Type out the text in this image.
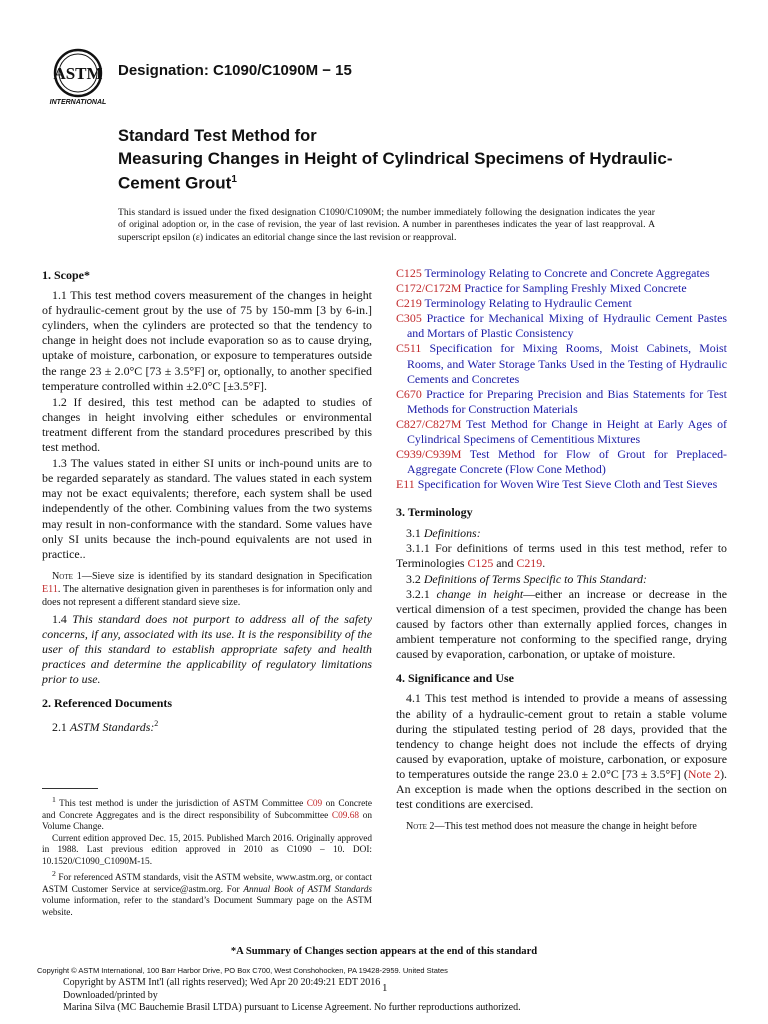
ASTM
INTERNATIONAL
Designation: C1090/C1090M − 15
Standard Test Method for
Measuring Changes in Height of Cylindrical Specimens of Hydraulic-Cement Grout$^1$
This standard is issued under the fixed designation C1090/C1090M; the number immediately following the designation indicates the year of original adoption or, in the case of revision, the year of last revision. A number in parentheses indicates the year of last reapproval. A superscript epsilon (ε) indicates an editorial change since the last revision or reapproval.
1. Scope*

1.1 This test method covers measurement of the changes in height of hydraulic-cement grout by the use of 75 by 150-mm [3 by 6-in.] cylinders, when the cylinders are protected so that the tendency to change in height does not include evaporation so as to cause drying, uptake of moisture, carbonation, or exposure to temperatures outside the range 23 ± 2.0°C [73 ± 3.5°F] or, optionally, to another specified temperature controlled within ±2.0°C [±3.5°F].

1.2 If desired, this test method can be adapted to studies of changes in height involving either schedules or environmental treatment different from the standard procedures prescribed by this test method.

1.3 The values stated in either SI units or inch-pound units are to be regarded separately as standard. The values stated in each system may not be exact equivalents; therefore, each system shall be used independently of the other. Combining values from the two systems may result in non-conformance with the standard. Some values have only SI units because the inch-pound equivalents are not used in practice..

Note 1—Sieve size is identified by its standard designation in Specification E11. The alternative designation given in parentheses is for information only and does not represent a different standard sieve size.

1.4 This standard does not purport to address all of the safety concerns, if any, associated with its use. It is the responsibility of the user of this standard to establish appropriate safety and health practices and determine the applicability of regulatory limitations prior to use.

2. Referenced Documents

2.1 ASTM Standards:$^2$

$^1$ This test method is under the jurisdiction of ASTM Committee C09 on Concrete and Concrete Aggregates and is the direct responsibility of Subcommittee C09.68 on Volume Change.

Current edition approved Dec. 15, 2015. Published March 2016. Originally approved in 1988. Last previous edition approved in 2010 as C1090 – 10. DOI: 10.1520/C1090_C1090M-15.

$^2$ For referenced ASTM standards, visit the ASTM website, www.astm.org, or contact ASTM Customer Service at service@astm.org. For Annual Book of ASTM Standards volume information, refer to the standard’s Document Summary page on the ASTM website.

C125 Terminology Relating to Concrete and Concrete Aggregates

C172/C172M Practice for Sampling Freshly Mixed Concrete

C219 Terminology Relating to Hydraulic Cement

C305 Practice for Mechanical Mixing of Hydraulic Cement Pastes and Mortars of Plastic Consistency

C511 Specification for Mixing Rooms, Moist Cabinets, Moist Rooms, and Water Storage Tanks Used in the Testing of Hydraulic Cements and Concretes

C670 Practice for Preparing Precision and Bias Statements for Test Methods for Construction Materials

C827/C827M Test Method for Change in Height at Early Ages of Cylindrical Specimens of Cementitious Mixtures

C939/C939M Test Method for Flow of Grout for Preplaced-Aggregate Concrete (Flow Cone Method)

E11 Specification for Woven Wire Test Sieve Cloth and Test Sieves

3. Terminology

3.1 Definitions:

3.1.1 For definitions of terms used in this test method, refer to Terminologies C125 and C219.

3.2 Definitions of Terms Specific to This Standard:

3.2.1 change in height—either an increase or decrease in the vertical dimension of a test specimen, provided the change has been caused by factors other than externally applied forces, changes in ambient temperature not conforming to the specified range, drying caused by evaporation, carbonation, or uptake of moisture.

4. Significance and Use

4.1 This test method is intended to provide a means of assessing the ability of a hydraulic-cement grout to retain a stable volume during the stipulated testing period of 28 days, provided that the tendency to change height does not include the effects of drying caused by evaporation, uptake of moisture, carbonation, or exposure to temperatures outside the range 23.0 ± 2.0°C [73 ± 3.5°F] (Note 2). An exception is made when the options described in the section on test conditions are exercised.

Note 2—This test method does not measure the change in height before

*A Summary of Changes section appears at the end of this standard
Copyright © ASTM International, 100 Barr Harbor Drive, PO Box C700, West Conshohocken, PA 19428-2959. United States
Copyright by ASTM Int'l (all rights reserved); Wed Apr 20 20:49:21 EDT 2016
Downloaded/printed by
Marina Silva (MC Bauchemie Brasil LTDA) pursuant to License Agreement. No further reproductions authorized.
1
